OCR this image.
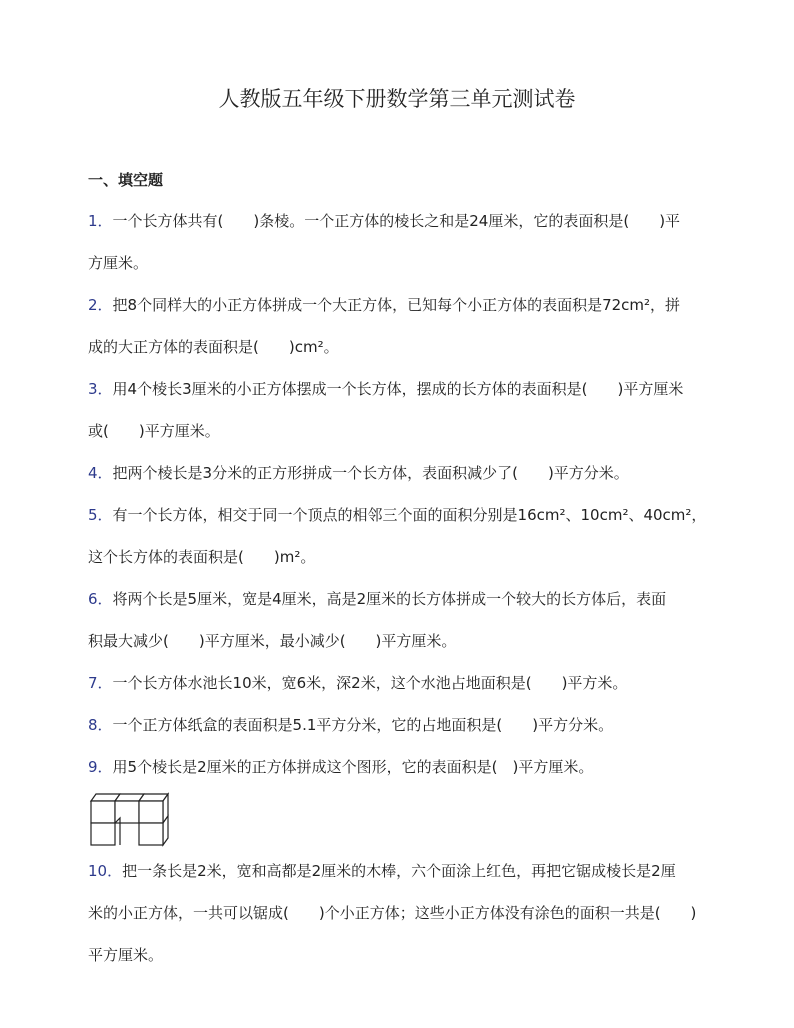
人教版五年级下册数学第三单元测试卷
一、填空题
1．一个长方体共有(　　)条棱。一个正方体的棱长之和是24厘米，它的表面积是(　　)平
方厘米。
2．把8个同样大的小正方体拼成一个大正方体，已知每个小正方体的表面积是72cm²，拼
成的大正方体的表面积是(　　)cm²。
3．用4个棱长3厘米的小正方体摆成一个长方体，摆成的长方体的表面积是(　　)平方厘米
或(　　)平方厘米。
4．把两个棱长是3分米的正方形拼成一个长方体，表面积减少了(　　)平方分米。
5．有一个长方体，相交于同一个顶点的相邻三个面的面积分别是16cm²、10cm²、40cm²，
这个长方体的表面积是(　　)m²。
6．将两个长是5厘米，宽是4厘米，高是2厘米的长方体拼成一个较大的长方体后，表面
积最大减少(　　)平方厘米，最小减少(　　)平方厘米。
7．一个长方体水池长10米，宽6米，深2米，这个水池占地面积是(　　)平方米。
8．一个正方体纸盒的表面积是5.1平方分米，它的占地面积是(　　)平方分米。
9．用5个棱长是2厘米的正方体拼成这个图形，它的表面积是(　)平方厘米。
10．把一条长是2米，宽和高都是2厘米的木棒，六个面涂上红色，再把它锯成棱长是2厘
米的小正方体，一共可以锯成(　　)个小正方体；这些小正方体没有涂色的面积一共是(　　)
平方厘米。
